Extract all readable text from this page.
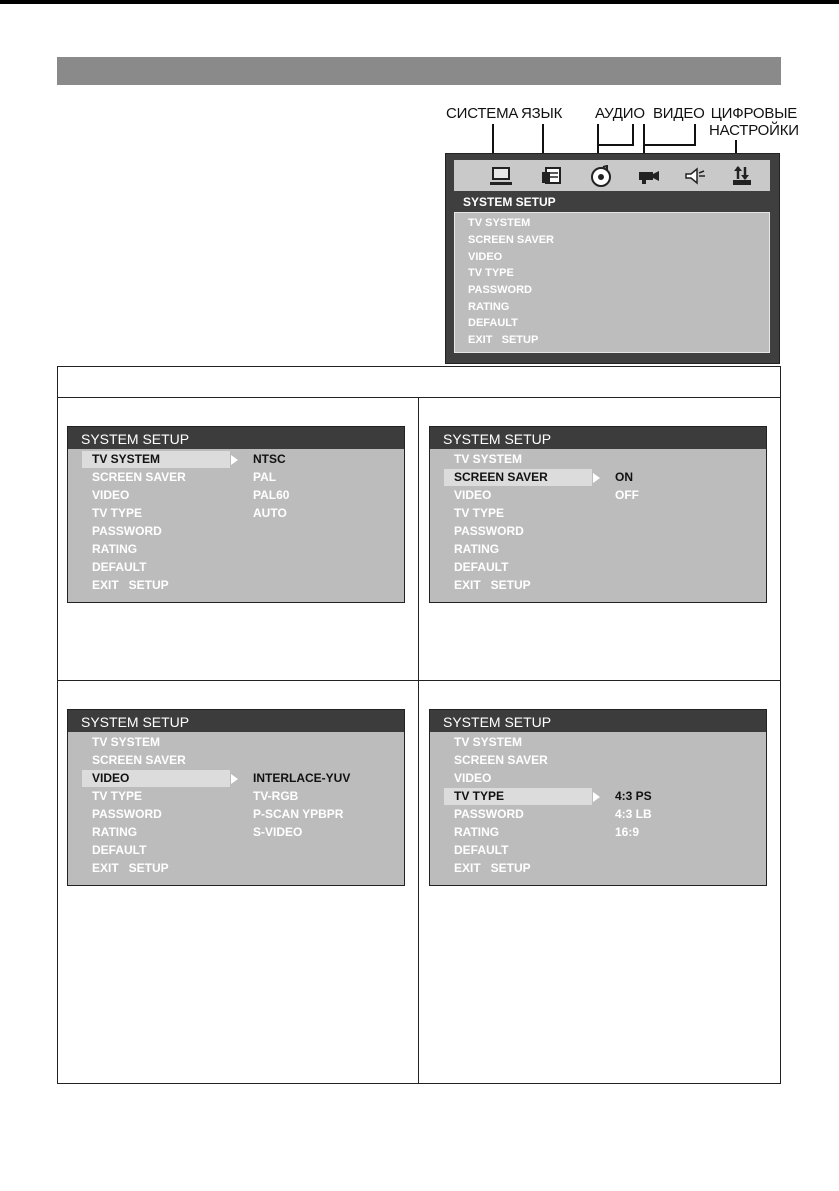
СИСТЕМА ЯЗЫК АУДИО ВИДЕО ЦИФРОВЫЕ
НАСТРОЙКИ
SYSTEM SETUP
TV SYSTEM
SCREEN SAVER
VIDEO
TV TYPE
PASSWORD
RATING
DEFAULT
EXIT   SETUP
SYSTEM SETUP
TV SYSTEM
SCREEN SAVER
VIDEO
TV TYPE
PASSWORD
RATING
DEFAULT
EXIT   SETUP
NTSC
PAL
PAL60
AUTO
SYSTEM SETUP
TV SYSTEM
SCREEN SAVER
VIDEO
TV TYPE
PASSWORD
RATING
DEFAULT
EXIT   SETUP
ON
OFF
SYSTEM SETUP
TV SYSTEM
SCREEN SAVER
VIDEO
TV TYPE
PASSWORD
RATING
DEFAULT
EXIT   SETUP
INTERLACE-YUV
TV-RGB
P-SCAN YPBPR
S-VIDEO
SYSTEM SETUP
TV SYSTEM
SCREEN SAVER
VIDEO
TV TYPE
PASSWORD
RATING
DEFAULT
EXIT   SETUP
4:3 PS
4:3 LB
16:9
